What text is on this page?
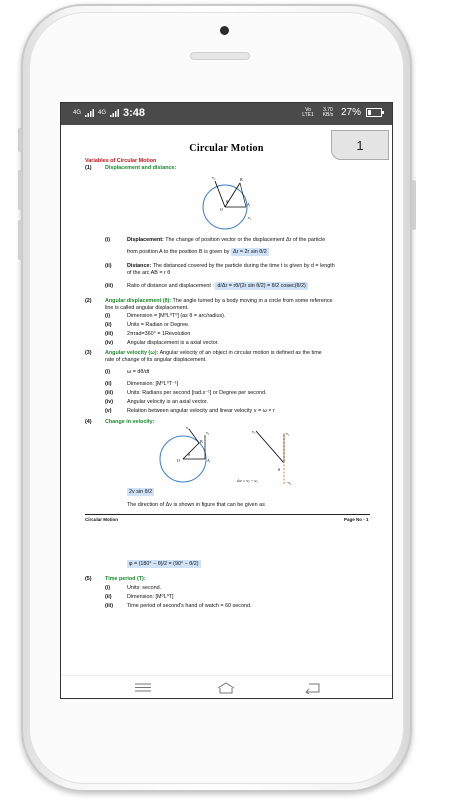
4G	4G 3:48	Vo LTE1
3.70 KB/s 27%
1
Circular Motion
Variables of Circular Motion
(1) Displacement and distance:
v₂	B
A
θ
O
v₁
(i)	Displacement: The change of position vector or the displacement Δr of the particle
from position A to the position B is given by Δr = 2r sin θ/2
(ii)	Distance: The distanced covered by the particle during the time t is given by d = length
of the arc AB = r θ
(iii)	Ratio of distance and displacement : d/Δr = rθ/(2r sin θ/2) = θ/2 cosec(θ/2)
(2) Angular displacement (θ): The angle turned by a body moving in a circle from some reference
line is called angular displacement.
(i)	Dimension = [M⁰L⁰T⁰] (as θ = arc/radius).
(ii)	Units = Radian or Degree.
(iii)	2πrad=360° = 1Revolution
(iv)	Angular displacement is a axial vector.
(3) Angular velocity (ω): Angular velocity of an object in circular motion is defined as the time
rate of change of its angular displacement.
(i)	ω = dθ/dt
(ii)	Dimension: [M⁰L⁰T⁻¹]
(iii)	Units: Radians per second [rad.s⁻¹] or Degree per second.
(iv)	Angular velocity is an axial vector.
(v)	Relation between angular velocity and linear velocity v = ω × r
(4) Change in velocity:
v₂
v₁
B
A
O
θ
v₂	v₁
θ
−v₁
Δv = v₂ − v₁
2v sin θ/2
The direction of Δv is shown in figure that can be given as
Circular Motion	Page No - 1
φ = (180° − θ)/2 = (90° − θ/2)
(5) Time period (T):
(i)	Units: second.
(ii)	Dimension: [M⁰L⁰T]
(iii)	Time period of second's hand of watch = 60 second.
